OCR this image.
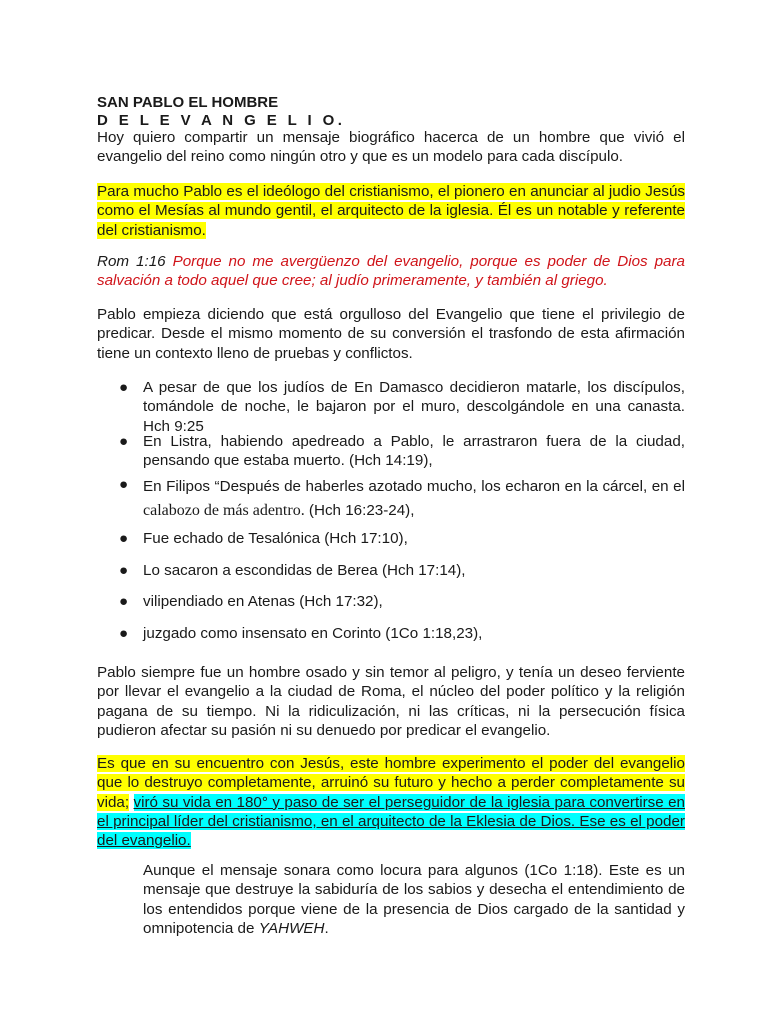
SAN PABLO EL HOMBRE
D E L E V A N G E L I O.
Hoy quiero compartir un mensaje biográfico hacerca de un hombre que vivió el evangelio del reino como ningún otro y que es un modelo para cada discípulo.
Para mucho Pablo es el ideólogo del cristianismo, el pionero en anunciar al judio Jesús como el Mesías al mundo gentil, el arquitecto de la iglesia. Él es un notable y referente del cristianismo.
Rom 1:16 Porque no me avergüenzo del evangelio, porque es poder de Dios para salvación a todo aquel que cree; al judío primeramente, y también al griego.
Pablo empieza diciendo que está orgulloso del Evangelio que tiene el privilegio de predicar. Desde el mismo momento de su conversión el trasfondo de esta afirmación tiene un contexto lleno de pruebas y conflictos.
● A pesar de que los judíos de En Damasco decidieron matarle, los discípulos, tomándole de noche, le bajaron por el muro, descolgándole en una canasta. Hch 9:25
● En Listra, habiendo apedreado a Pablo, le arrastraron fuera de la ciudad, pensando que estaba muerto. (Hch 14:19),
● En Filipos “Después de haberles azotado mucho, los echaron en la cárcel, en el calabozo de más adentro. (Hch 16:23-24),
● Fue echado de Tesalónica (Hch 17:10),
● Lo sacaron a escondidas de Berea (Hch 17:14),
● vilipendiado en Atenas (Hch 17:32),
● juzgado como insensato en Corinto (1Co 1:18,23),
Pablo siempre fue un hombre osado y sin temor al peligro, y tenía un deseo ferviente por llevar el evangelio a la ciudad de Roma, el núcleo del poder político y la religión pagana de su tiempo. Ni la ridiculización, ni las críticas, ni la persecución física pudieron afectar su pasión ni su denuedo por predicar el evangelio.
Es que en su encuentro con Jesús, este hombre experimento el poder del evangelio que lo destruyo completamente, arruinó su futuro y hecho a perder completamente su vida; viró su vida en 180° y paso de ser el perseguidor de la iglesia para convertirse en el principal líder del cristianismo, en el arquitecto de la Eklesia de Dios. Ese es el poder del evangelio.
Aunque el mensaje sonara como locura para algunos (1Co 1:18). Este es un mensaje que destruye la sabiduría de los sabios y desecha el entendimiento de los entendidos porque viene de la presencia de Dios cargado de la santidad y omnipotencia de YAHWEH.
